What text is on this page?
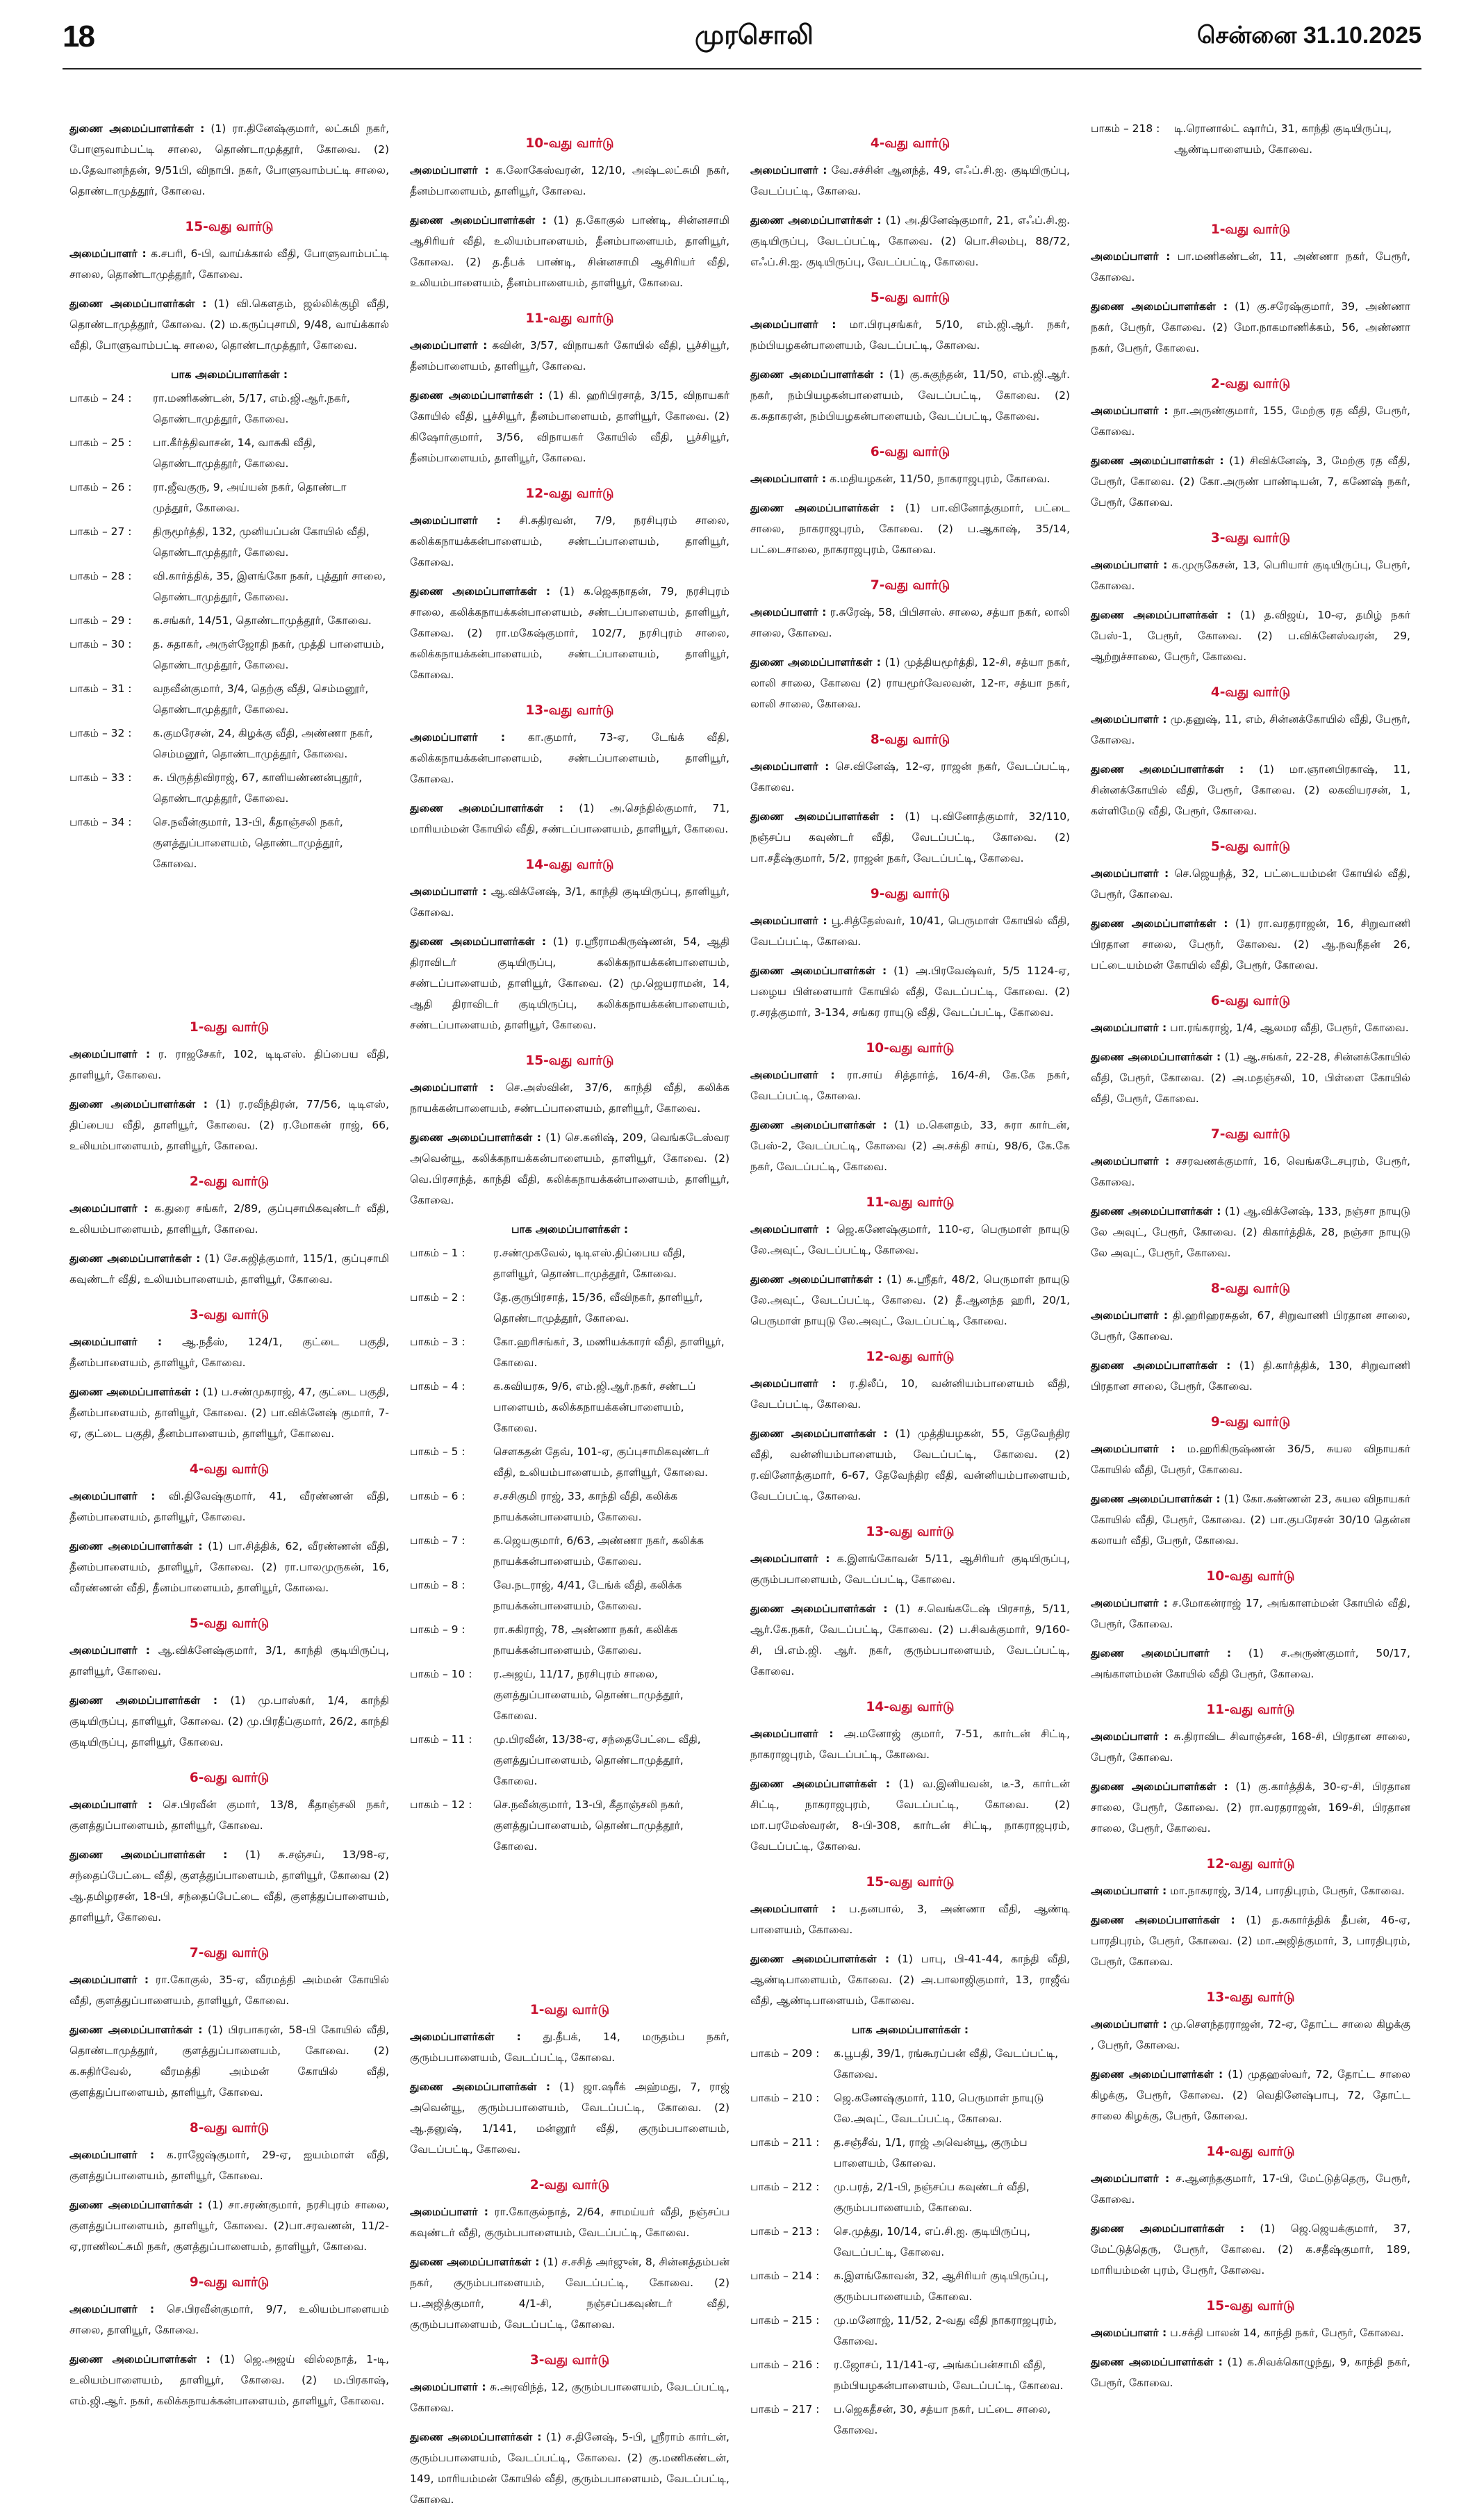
18	முரசொலி	சென்னை 31.10.2025
துணை அமைப்பாளர்கள் : (1) ரா.தினேஷ்குமார், லட்சுமி நகர், போளுவாம்பட்டி சாலை, தொண்டாமுத்தூர், கோவை. (2) ம.தேவானந்தன், 9/51பி, விநாபி. நகர், போளுவாம்பட்டி சாலை, தொண்டாமுத்தூர், கோவை.
15-வது வார்டு
அமைப்பாளர் : க.சபரி, 6-பி, வாய்க்கால் வீதி, போளுவாம்பட்டி சாலை, தொண்டாமுத்தூர், கோவை.
துணை அமைப்பாளர்கள் : (1) வி.கௌதம், ஜல்லிக்குழி வீதி, தொண்டாமுத்தூர், கோவை. (2) ம.கருப்புசாமி, 9/48, வாய்க்கால் வீதி, போளுவாம்பட்டி சாலை, தொண்டாமுத்தூர், கோவை.
பாக அமைப்பாளர்கள் :
பாகம் – 24 :	ரா.மணிகண்டன், 5/17, எம்.ஜி.ஆர்.நகர், தொண்டாமுத்தூர், கோவை.
பாகம் – 25 :	பா.கீர்த்திவாசன், 14, வாசுகி வீதி, தொண்டாமுத்தூர், கோவை.
பாகம் – 26 :	ரா.ஜீவகுரு, 9, அய்யன் நகர், தொண்டா முத்தூர், கோவை.
பாகம் – 27 :	திருமூர்த்தி, 132, முனியப்பன் கோயில் வீதி, தொண்டாமுத்தூர், கோவை.
பாகம் – 28 :	வி.கார்த்திக், 35, இளங்கோ நகர், புத்தூர் சாலை, தொண்டாமுத்தூர், கோவை.
பாகம் – 29 :	க.சங்கர், 14/51, தொண்டாமுத்தூர், கோவை.
பாகம் – 30 :	த. சுதாகர், அருள்ஜோதி நகர், முத்தி பாளையம், தொண்டாமுத்தூர், கோவை.
பாகம் – 31 :	வநவீன்குமார், 3/4, தெற்கு வீதி, செம்மனூர், தொண்டாமுத்தூர், கோவை.
பாகம் – 32 :	க.குமரேசன், 24, கிழக்கு வீதி, அண்ணா நகர், செம்மனூர், தொண்டாமுத்தூர், கோவை.
பாகம் – 33 :	சு. பிருத்திவிராஜ், 67, காளியண்ணன்புதூர், தொண்டாமுத்தூர், கோவை.
பாகம் – 34 :	செ.நவீன்குமார், 13-பி, கீதாஞ்சலி நகர், குளத்துப்பாளையம், தொண்டாமுத்தூர், கோவை.
1-வது வார்டு
அமைப்பாளர் : ர. ராஜசேகர், 102, டிடிஎஸ். திப்பைய வீதி, தாளியூர், கோவை.
துணை அமைப்பாளர்கள் : (1) ர.ரவீந்திரன், 77/56, டிடிஎஸ், திப்பைய வீதி, தாளியூர், கோவை. (2) ர.மோகன் ராஜ், 66, உலியம்பாளையம், தாளியூர், கோவை.
2-வது வார்டு
அமைப்பாளர் : க.துரை சங்கர், 2/89, குப்புசாமிகவுண்டர் வீதி, உலியம்பாளையம், தாளியூர், கோவை.
துணை அமைப்பாளர்கள் : (1) சே.சுஜித்குமார், 115/1, குப்புசாமி கவுண்டர் வீதி, உலியம்பாளையம், தாளியூர், கோவை.
3-வது வார்டு
அமைப்பாளர் : ஆ.நதீஸ், 124/1, குட்டை பகுதி, தீனம்பாளையம், தாளியூர், கோவை.
துணை அமைப்பாளர்கள் : (1) ப.சண்முகராஜ், 47, குட்டை பகுதி, தீனம்பாளையம், தாளியூர், கோவை. (2) பா.விக்னேஷ் குமார், 7-ஏ, குட்டை பகுதி, தீனம்பாளையம், தாளியூர், கோவை.
4-வது வார்டு
அமைப்பாளர் : வி.திவேஷ்குமார், 41, வீரண்ணன் வீதி, தீனம்பாளையம், தாளியூர், கோவை.
துணை அமைப்பாளர்கள் : (1) பா.சித்திக், 62, வீரண்ணன் வீதி, தீனம்பாளையம், தாளியூர், கோவை. (2) ரா.பாலமுருகன், 16, வீரண்ணன் வீதி, தீனம்பாளையம், தாளியூர், கோவை.
5-வது வார்டு
அமைப்பாளர் : ஆ.விக்னேஷ்குமார், 3/1, காந்தி குடியிருப்பு, தாளியூர், கோவை.
துணை அமைப்பாளர்கள் : (1) மு.பாஸ்கர், 1/4, காந்தி குடியிருப்பு, தாளியூர், கோவை. (2) மு.பிரதீப்குமார், 26/2, காந்தி குடியிருப்பு, தாளியூர், கோவை.
6-வது வார்டு
அமைப்பாளர் : செ.பிரவீன் குமார், 13/8, கீதாஞ்சலி நகர், குளத்துப்பாளையம், தாளியூர், கோவை.
துணை அமைப்பாளர்கள் : (1) சு.சஞ்சய், 13/98-ஏ, சந்தைப்பேட்டை வீதி, குளத்துப்பாளையம், தாளியூர், கோவை (2) ஆ.தமிழரசன், 18-பி, சந்தைப்பேட்டை வீதி, குளத்துப்பாளையம், தாளியூர், கோவை.
7-வது வார்டு
அமைப்பாளர் : ரா.கோகுல், 35-ஏ, வீரமத்தி அம்மன் கோயில் வீதி, குளத்துப்பாளையம், தாளியூர், கோவை.
துணை அமைப்பாளர்கள் : (1) பிரபாகரன், 58-பி கோயில் வீதி, தொண்டாமுத்தூர், குளத்துப்பாளையம், கோவை. (2) க.சுதிர்வேல், வீரமத்தி அம்மன் கோயில் வீதி, குளத்துப்பாளையம், தாளியூர், கோவை.
8-வது வார்டு
அமைப்பாளர் : க.ராஜேஷ்குமார், 29-ஏ, ஐயம்மாள் வீதி, குளத்துப்பாளையம், தாளியூர், கோவை.
துணை அமைப்பாளர்கள் : (1) சா.சரண்குமார், நரசிபுரம் சாலை, குளத்துப்பாளையம், தாளியூர், கோவை. (2)பா.சரவணன், 11/2-ஏ,ராணிலட்சுமி நகர், குளத்துப்பாளையம், தாளியூர், கோவை.
9-வது வார்டு
அமைப்பாளர் : செ.பிரவீன்குமார், 9/7, உலியம்பாளையம் சாலை, தாளியூர், கோவை.
துணை அமைப்பாளர்கள் : (1) ஜெ.அஜய் வில்லநாத், 1-டி, உலியம்பாளையம், தாளியூர், கோவை. (2) ம.பிரகாஷ், எம்.ஜி.ஆர். நகர், கலிக்கநாயக்கன்பாளையம், தாளியூர், கோவை.
10-வது வார்டு
அமைப்பாளர் : க.லோகேஸ்வரன், 12/10, அஷ்டலட்சுமி நகர், தீனம்பாளையம், தாளியூர், கோவை.
துணை அமைப்பாளர்கள் : (1) த.கோகுல் பாண்டி, சின்னசாமி ஆசிரியர் வீதி, உலியம்பாளையம், தீனம்பாளையம், தாளியூர், கோவை. (2) த.தீபக் பாண்டி, சின்னசாமி ஆசிரியர் வீதி, உலியம்பாளையம், தீனம்பாளையம், தாளியூர், கோவை.
11-வது வார்டு
அமைப்பாளர் : கவின், 3/57, விநாயகர் கோயில் வீதி, பூச்சியூர், தீனம்பாளையம், தாளியூர், கோவை.
துணை அமைப்பாளர்கள் : (1) கி. ஹரிபிரசாத், 3/15, விநாயகர் கோயில் வீதி, பூச்சியூர், தீனம்பாளையம், தாளியூர், கோவை. (2) கிஷோர்குமார், 3/56, விநாயகர் கோயில் வீதி, பூச்சியூர், தீனம்பாளையம், தாளியூர், கோவை.
12-வது வார்டு
அமைப்பாளர் : சி.சுதிரவன், 7/9, நரசிபுரம் சாலை, கலிக்கநாயக்கன்பாளையம், சண்டப்பாளையம், தாளியூர், கோவை.
துணை அமைப்பாளர்கள் : (1) க.ஜெகநாதன், 79, நரசிபுரம் சாலை, கலிக்கநாயக்கன்பாளையம், சண்டப்பாளையம், தாளியூர், கோவை. (2) ரா.மகேஷ்குமார், 102/7, நரசிபுரம் சாலை, கலிக்கநாயக்கன்பாளையம், சண்டப்பாளையம், தாளியூர், கோவை.
13-வது வார்டு
அமைப்பாளர் : கா.குமார், 73-ஏ, டேங்க் வீதி, கலிக்கநாயக்கன்பாளையம், சண்டப்பாளையம், தாளியூர், கோவை.
துணை அமைப்பாளர்கள் : (1) அ.செந்தில்குமார், 71, மாரியம்மன் கோயில் வீதி, சண்டப்பாளையம், தாளியூர், கோவை.
14-வது வார்டு
அமைப்பாளர் : ஆ.விக்னேஷ், 3/1, காந்தி குடியிருப்பு, தாளியூர், கோவை.
துணை அமைப்பாளர்கள் : (1) ர.ஸ்ரீராமகிருஷ்ணன், 54, ஆதி திராவிடர் குடியிருப்பு, கலிக்கநாயக்கன்பாளையம், சண்டப்பாளையம், தாளியூர், கோவை. (2) மு.ஜெயராமன், 14, ஆதி திராவிடர் குடியிருப்பு, கலிக்கநாயக்கன்பாளையம், சண்டப்பாளையம், தாளியூர், கோவை.
15-வது வார்டு
அமைப்பாளர் : செ.அஸ்வின், 37/6, காந்தி வீதி, கலிக்க நாயக்கன்பாளையம், சண்டப்பாளையம், தாளியூர், கோவை.
துணை அமைப்பாளர்கள் : (1) செ.கனிஷ், 209, வெங்கடேஸ்வர அவென்யூ, கலிக்கநாயக்கன்பாளையம், தாளியூர், கோவை. (2) வெ.பிரசாந்த், காந்தி வீதி, கலிக்கநாயக்கன்பாளையம், தாளியூர், கோவை.
பாக அமைப்பாளர்கள் :
பாகம் – 1 :	ர.சண்முகவேல், டிடிஎஸ்.திப்பைய வீதி, தாளியூர், தொண்டாமுத்தூர், கோவை.
பாகம் – 2 :	தே.குருபிரசாத், 15/36, வீவிநகர், தாளியூர், தொண்டாமுத்தூர், கோவை.
பாகம் – 3 :	கோ.ஹரிசங்கர், 3, மணியக்காரர் வீதி, தாளியூர், கோவை.
பாகம் – 4 :	க.கவியரசு, 9/6, எம்.ஜி.ஆர்.நகர், சண்டப் பாளையம், கலிக்கநாயக்கன்பாளையம், கோவை.
பாகம் – 5 :	சௌகதன் தேவ், 101-ஏ, குப்புசாமிகவுண்டர் வீதி, உலியம்பாளையம், தாளியூர், கோவை.
பாகம் – 6 :	ச.சசிகுமி ராஜ், 33, காந்தி வீதி, கலிக்க நாயக்கன்பாளையம், கோவை.
பாகம் – 7 :	க.ஜெயகுமார், 6/63, அண்ணா நகர், கலிக்க நாயக்கன்பாளையம், கோவை.
பாகம் – 8 :	வே.நடராஜ், 4/41, டேங்க் வீதி, கலிக்க நாயக்கன்பாளையம், கோவை.
பாகம் – 9 :	ரா.சுகிராஜ், 78, அண்ணா நகர், கலிக்க நாயக்கன்பாளையம், கோவை.
பாகம் – 10 :	ர.அஜய், 11/17, நரசிபுரம் சாலை, குளத்துப்பாளையம், தொண்டாமுத்தூர், கோவை.
பாகம் – 11 :	மு.பிரவீன், 13/38-ஏ, சந்தைபேட்டை வீதி, குளத்துப்பாளையம், தொண்டாமுத்தூர், கோவை.
பாகம் – 12 :	செ.நவீன்குமார், 13-பி, கீதாஞ்சலி நகர், குளத்துப்பாளையம், தொண்டாமுத்தூர், கோவை.
1-வது வார்டு
அமைப்பாளர்கள் : து.தீபக், 14, மருதம்ப நகர், குரும்பபாளையம், வேடப்பட்டி, கோவை.
துணை அமைப்பாளர்கள் : (1) ஜா.ஷரீக் அஹ்மது, 7, ராஜ் அவென்யூ, குரும்பபாளையம், வேடப்பட்டி, கோவை. (2) ஆ.தனுஷ், 1/141, மன்னூர் வீதி, குரும்பபாளையம், வேடப்பட்டி, கோவை.
2-வது வார்டு
அமைப்பாளர் : ரா.கோகுல்நாத், 2/64, சாமய்யர் வீதி, நஞ்சப்ப கவுண்டர் வீதி, குரும்பபாளையம், வேடப்பட்டி, கோவை.
துணை அமைப்பாளர்கள் : (1) ச.சசித் அர்ஜுன், 8, சின்னத்தம்பன் நகர், குரும்பபாளையம், வேடப்பட்டி, கோவை. (2) ப.அஜித்குமார், 4/1-சி, நஞ்சப்பகவுண்டர் வீதி, குரும்பபாளையம், வேடப்பட்டி, கோவை.
3-வது வார்டு
அமைப்பாளர் : சு.அரவிந்த், 12, குரும்பபாளையம், வேடப்பட்டி, கோவை.
துணை அமைப்பாளர்கள் : (1) ச.தினேஷ், 5-பி, ஸ்ரீராம் கார்டன், குரும்பபாளையம், வேடப்பட்டி, கோவை. (2) கு.மணிகண்டன், 149, மாரியம்மன் கோயில் வீதி, குரும்பபாளையம், வேடப்பட்டி, கோவை.
4-வது வார்டு
அமைப்பாளர் : வே.சச்சின் ஆனந்த், 49, எஃப்.சி.ஐ. குடியிருப்பு, வேடப்பட்டி, கோவை.
துணை அமைப்பாளர்கள் : (1) அ.தினேஷ்குமார், 21, எஃப்.சி.ஐ. குடியிருப்பு, வேடப்பட்டி, கோவை. (2) பொ.சிலம்பு, 88/72, எஃப்.சி.ஐ. குடியிருப்பு, வேடப்பட்டி, கோவை.
5-வது வார்டு
அமைப்பாளர் : மா.பிரபுசங்கர், 5/10, எம்.ஜி.ஆர். நகர், நம்பியழகன்பாளையம், வேடப்பட்டி, கோவை.
துணை அமைப்பாளர்கள் : (1) கு.சுகுந்தன், 11/50, எம்.ஜி.ஆர். நகர், நம்பியழகன்பாளையம், வேடப்பட்டி, கோவை. (2) க.சுதாகரன், நம்பியழகன்பாளையம், வேடப்பட்டி, கோவை.
6-வது வார்டு
அமைப்பாளர் : க.மதியழகன், 11/50, நாகராஜபுரம், கோவை.
துணை அமைப்பாளர்கள் : (1) பா.வினோத்குமார், பட்டை சாலை, நாகராஜபுரம், கோவை. (2) ப.ஆகாஷ், 35/14, பட்டைசாலை, நாகராஜபுரம், கோவை.
7-வது வார்டு
அமைப்பாளர் : ர.சுரேஷ், 58, பிபிசாஸ். சாலை, சத்யா நகர், லாலி சாலை, கோவை.
துணை அமைப்பாளர்கள் : (1) முத்தியமூர்த்தி, 12-சி, சத்யா நகர், லாலி சாலை, கோவை (2) ராயமூர்வேலவன், 12-ஈ, சத்யா நகர், லாலி சாலை, கோவை.
8-வது வார்டு
அமைப்பாளர் : செ.வினேஷ், 12-ஏ, ராஜன் நகர், வேடப்பட்டி, கோவை.
துணை அமைப்பாளர்கள் : (1) பு.வினோத்குமார், 32/110, நஞ்சப்ப கவுண்டர் வீதி, வேடப்பட்டி, கோவை. (2) பா.சதீஷ்குமார், 5/2, ராஜன் நகர், வேடப்பட்டி, கோவை.
9-வது வார்டு
அமைப்பாளர் : பூ.சித்தேஸ்வர், 10/41, பெருமாள் கோயில் வீதி, வேடப்பட்டி, கோவை.
துணை அமைப்பாளர்கள் : (1) அ.பிரவேஷ்வர், 5/5 1124-ஏ, பழைய பிள்ளையார் கோயில் வீதி, வேடப்பட்டி, கோவை. (2) ர.சரத்குமார், 3-134, சங்கர ராயுடு வீதி, வேடப்பட்டி, கோவை.
10-வது வார்டு
அமைப்பாளர் : ரா.சாய் சித்தார்த், 16/4-சி, கே.கே நகர், வேடப்பட்டி, கோவை.
துணை அமைப்பாளர்கள் : (1) ம.கௌதம், 33, சுரா கார்டன், பேஸ்-2, வேடப்பட்டி, கோவை (2) அ.சக்தி சாய், 98/6, கே.கே நகர், வேடப்பட்டி, கோவை.
11-வது வார்டு
அமைப்பாளர் : ஜெ.கணேஷ்குமார், 110-ஏ, பெருமாள் நாயுடு லே.அவுட், வேடப்பட்டி, கோவை.
துணை அமைப்பாளர்கள் : (1) சு.ஸ்ரீதர், 48/2, பெருமாள் நாயுடு லே.அவுட், வேடப்பட்டி, கோவை. (2) தீ.ஆனந்த ஹரி, 20/1, பெருமாள் நாயுடு லே.அவுட், வேடப்பட்டி, கோவை.
12-வது வார்டு
அமைப்பாளர் : ர.திலீப், 10, வன்னியம்பாளையம் வீதி, வேடப்பட்டி, கோவை.
துணை அமைப்பாளர்கள் : (1) முத்தியழகன், 55, தேவேந்திர வீதி, வன்னியம்பாளையம், வேடப்பட்டி, கோவை. (2) ர.வினோத்குமார், 6-67, தேவேந்திர வீதி, வன்னியம்பாளையம், வேடப்பட்டி, கோவை.
13-வது வார்டு
அமைப்பாளர் : க.இளங்கோவன் 5/11, ஆசிரியர் குடியிருப்பு, குரும்பபாளையம், வேடப்பட்டி, கோவை.
துணை அமைப்பாளர்கள் : (1) ச.வெங்கடேஷ் பிரசாத், 5/11, ஆர்.கே.நகர், வேடப்பட்டி, கோவை. (2) ப.சிவக்குமார், 9/160-சி, பி.எம்.ஜி. ஆர். நகர், குரும்பபாளையம், வேடப்பட்டி, கோவை.
14-வது வார்டு
அமைப்பாளர் : அ.மனோஜ் குமார், 7-51, கார்டன் சிட்டி, நாகராஜபுரம், வேடப்பட்டி, கோவை.
துணை அமைப்பாளர்கள் : (1) வ.இனியவன், டீ-3, கார்டன் சிட்டி, நாகராஜபுரம், வேடப்பட்டி, கோவை. (2) மா.பரமேஸ்வரன், 8-பி-308, கார்டன் சிட்டி, நாகராஜபுரம், வேடப்பட்டி, கோவை.
15-வது வார்டு
அமைப்பாளர் : ப.தனபால், 3, அண்ணா வீதி, ஆண்டி பாளையம், கோவை.
துணை அமைப்பாளர்கள் : (1) பாபு, பி-41-44, காந்தி வீதி, ஆண்டிபாளையம், கோவை. (2) அ.பாலாஜிகுமார், 13, ராஜீவ் வீதி, ஆண்டிபாளையம், கோவை.
பாக அமைப்பாளர்கள் :
பாகம் – 209 :	க.பூபதி, 39/1, ரங்கூரப்பன் வீதி, வேடப்பட்டி, கோவை.
பாகம் – 210 :	ஜெ.கணேஷ்குமார், 110, பெருமாள் நாயுடு லே.அவுட், வேடப்பட்டி, கோவை.
பாகம் – 211 :	த.சஞ்சீவ், 1/1, ராஜ் அவென்யூ, குரும்ப பாளையம், கோவை.
பாகம் – 212 :	மு.பரத், 2/1-பி, நஞ்சப்ப கவுண்டர் வீதி, குரும்பபாளையம், கோவை.
பாகம் – 213 :	செ.முத்து, 10/14, எப்.சி.ஐ. குடியிருப்பு, வேடப்பட்டி, கோவை.
பாகம் – 214 :	க.இளங்கோவன், 32, ஆசிரியர் குடியிருப்பு, குரும்பபாளையம், கோவை.
பாகம் – 215 :	மு.மனோஜ், 11/52, 2-வது வீதி நாகராஜபுரம், கோவை.
பாகம் – 216 :	ர.ஜோசப், 11/141-ஏ, அங்கப்பன்சாமி வீதி, நம்பியழகன்பாளையம், வேடப்பட்டி, கோவை.
பாகம் – 217 :	ப.ஜெகதீசன், 30, சத்யா நகர், பட்டை சாலை, கோவை.
பாகம் – 218 :	டி.ரொனால்ட் ஷார்ப், 31, காந்தி குடியிருப்பு, ஆண்டிபாளையம், கோவை.
1-வது வார்டு
அமைப்பாளர் : பா.மணிகண்டன், 11, அண்ணா நகர், பேரூர், கோவை.
துணை அமைப்பாளர்கள் : (1) கு.சரேஷ்குமார், 39, அண்ணா நகர், பேரூர், கோவை. (2) மோ.நாகமாணிக்கம், 56, அண்ணா நகர், பேரூர், கோவை.
2-வது வார்டு
அமைப்பாளர் : நா.அருண்குமார், 155, மேற்கு ரத வீதி, பேரூர், கோவை.
துணை அமைப்பாளர்கள் : (1) சிவிக்னேஷ், 3, மேற்கு ரத வீதி, பேரூர், கோவை. (2) கோ.அருண் பாண்டியன், 7, கணேஷ் நகர், பேரூர், கோவை.
3-வது வார்டு
அமைப்பாளர் : க.முருகேசன், 13, பெரியார் குடியிருப்பு, பேரூர், கோவை.
துணை அமைப்பாளர்கள் : (1) த.விஜய், 10-ஏ, தமிழ் நகர் பேஸ்-1, பேரூர், கோவை. (2) ப.விக்னேஸ்வரன், 29, ஆற்றுச்சாலை, பேரூர், கோவை.
4-வது வார்டு
அமைப்பாளர் : மு.தனுஷ், 11, எம், சின்னக்கோயில் வீதி, பேரூர், கோவை.
துணை அமைப்பாளர்கள் : (1) மா.ஞானபிரகாஷ், 11, சின்னக்கோயில் வீதி, பேரூர், கோவை. (2) லகவியரசன், 1, கள்ளிமேடு வீதி, பேரூர், கோவை.
5-வது வார்டு
அமைப்பாளர் : செ.ஜெயந்த், 32, பட்டையம்மன் கோயில் வீதி, பேரூர், கோவை.
துணை அமைப்பாளர்கள் : (1) ரா.வரதராஜன், 16, சிறுவாணி பிரதான சாலை, பேரூர், கோவை. (2) ஆ.நவநீதன் 26, பட்டையம்மன் கோயில் வீதி, பேரூர், கோவை.
6-வது வார்டு
அமைப்பாளர் : பா.ரங்கராஜ், 1/4, ஆலமர வீதி, பேரூர், கோவை.
துணை அமைப்பாளர்கள் : (1) ஆ.சங்கர், 22-28, சின்னக்கோயில் வீதி, பேரூர், கோவை. (2) அ.மதஞ்சலி, 10, பிள்ளை கோயில் வீதி, பேரூர், கோவை.
7-வது வார்டு
அமைப்பாளர் : சசரவணக்குமார், 16, வெங்கடேசபுரம், பேரூர், கோவை.
துணை அமைப்பாளர்கள் : (1) ஆ.விக்னேஷ், 133, நஞ்சா நாயுடு லே அவுட், பேரூர், கோவை. (2) கிகார்த்திக், 28, நஞ்சா நாயுடு லே அவுட், பேரூர், கோவை.
8-வது வார்டு
அமைப்பாளர் : தி.ஹரிஹரசுதன், 67, சிறுவாணி பிரதான சாலை, பேரூர், கோவை.
துணை அமைப்பாளர்கள் : (1) தி.கார்த்திக், 130, சிறுவாணி பிரதான சாலை, பேரூர், கோவை.
9-வது வார்டு
அமைப்பாளர் : ம.ஹரிகிருஷ்ணன் 36/5, சுயல விநாயகர் கோயில் வீதி, பேரூர், கோவை.
துணை அமைப்பாளர்கள் : (1) கோ.கண்ணன் 23, சுயல விநாயகர் கோயில் வீதி, பேரூர், கோவை. (2) பா.குபரேசன் 30/10 தென்ன கலாயர் வீதி, பேரூர், கோவை.
10-வது வார்டு
அமைப்பாளர் : ச.மோகன்ராஜ் 17, அங்காளம்மன் கோயில் வீதி, பேரூர், கோவை.
துணை அமைப்பாளர் : (1) ச.அருண்குமார், 50/17, அங்காளம்மன் கோயில் வீதி பேரூர், கோவை.
11-வது வார்டு
அமைப்பாளர் : சு.திராவிட சிவாஞ்சன், 168-சி, பிரதான சாலை, பேரூர், கோவை.
துணை அமைப்பாளர்கள் : (1) கு.கார்த்திக், 30-ஏ-சி, பிரதான சாலை, பேரூர், கோவை. (2) ரா.வரதராஜன், 169-சி, பிரதான சாலை, பேரூர், கோவை.
12-வது வார்டு
அமைப்பாளர் : மா.நாகராஜ், 3/14, பாரதிபுரம், பேரூர், கோவை.
துணை அமைப்பாளர்கள் : (1) த.சுகார்த்திக் தீபன், 46-ஏ, பாரதிபுரம், பேரூர், கோவை. (2) மா.அஜித்குமார், 3, பாரதிபுரம், பேரூர், கோவை.
13-வது வார்டு
அமைப்பாளர் : மு.செளந்தரராஜன், 72-ஏ, தோட்ட சாலை கிழக்கு , பேரூர், கோவை.
துணை அமைப்பாளர்கள் : (1) முதஹஸ்வர், 72, தோட்ட சாலை கிழக்கு, பேரூர், கோவை. (2) வெதினேஷ்பாபு, 72, தோட்ட சாலை கிழக்கு, பேரூர், கோவை.
14-வது வார்டு
அமைப்பாளர் : ச.ஆனந்தகுமார், 17-பி, மேட்டுத்தெரு, பேரூர், கோவை.
துணை அமைப்பாளர்கள் : (1) ஜெ.ஜெயக்குமார், 37, மேட்டுத்தெரு, பேரூர், கோவை. (2) க.சதீஷ்குமார், 189, மாரியம்மன் புரம், பேரூர், கோவை.
15-வது வார்டு
அமைப்பாளர் : ப.சக்தி பாலன் 14, காந்தி நகர், பேரூர், கோவை.
துணை அமைப்பாளர்கள் : (1) க.சிவக்கொழுந்து, 9, காந்தி நகர், பேரூர், கோவை.
